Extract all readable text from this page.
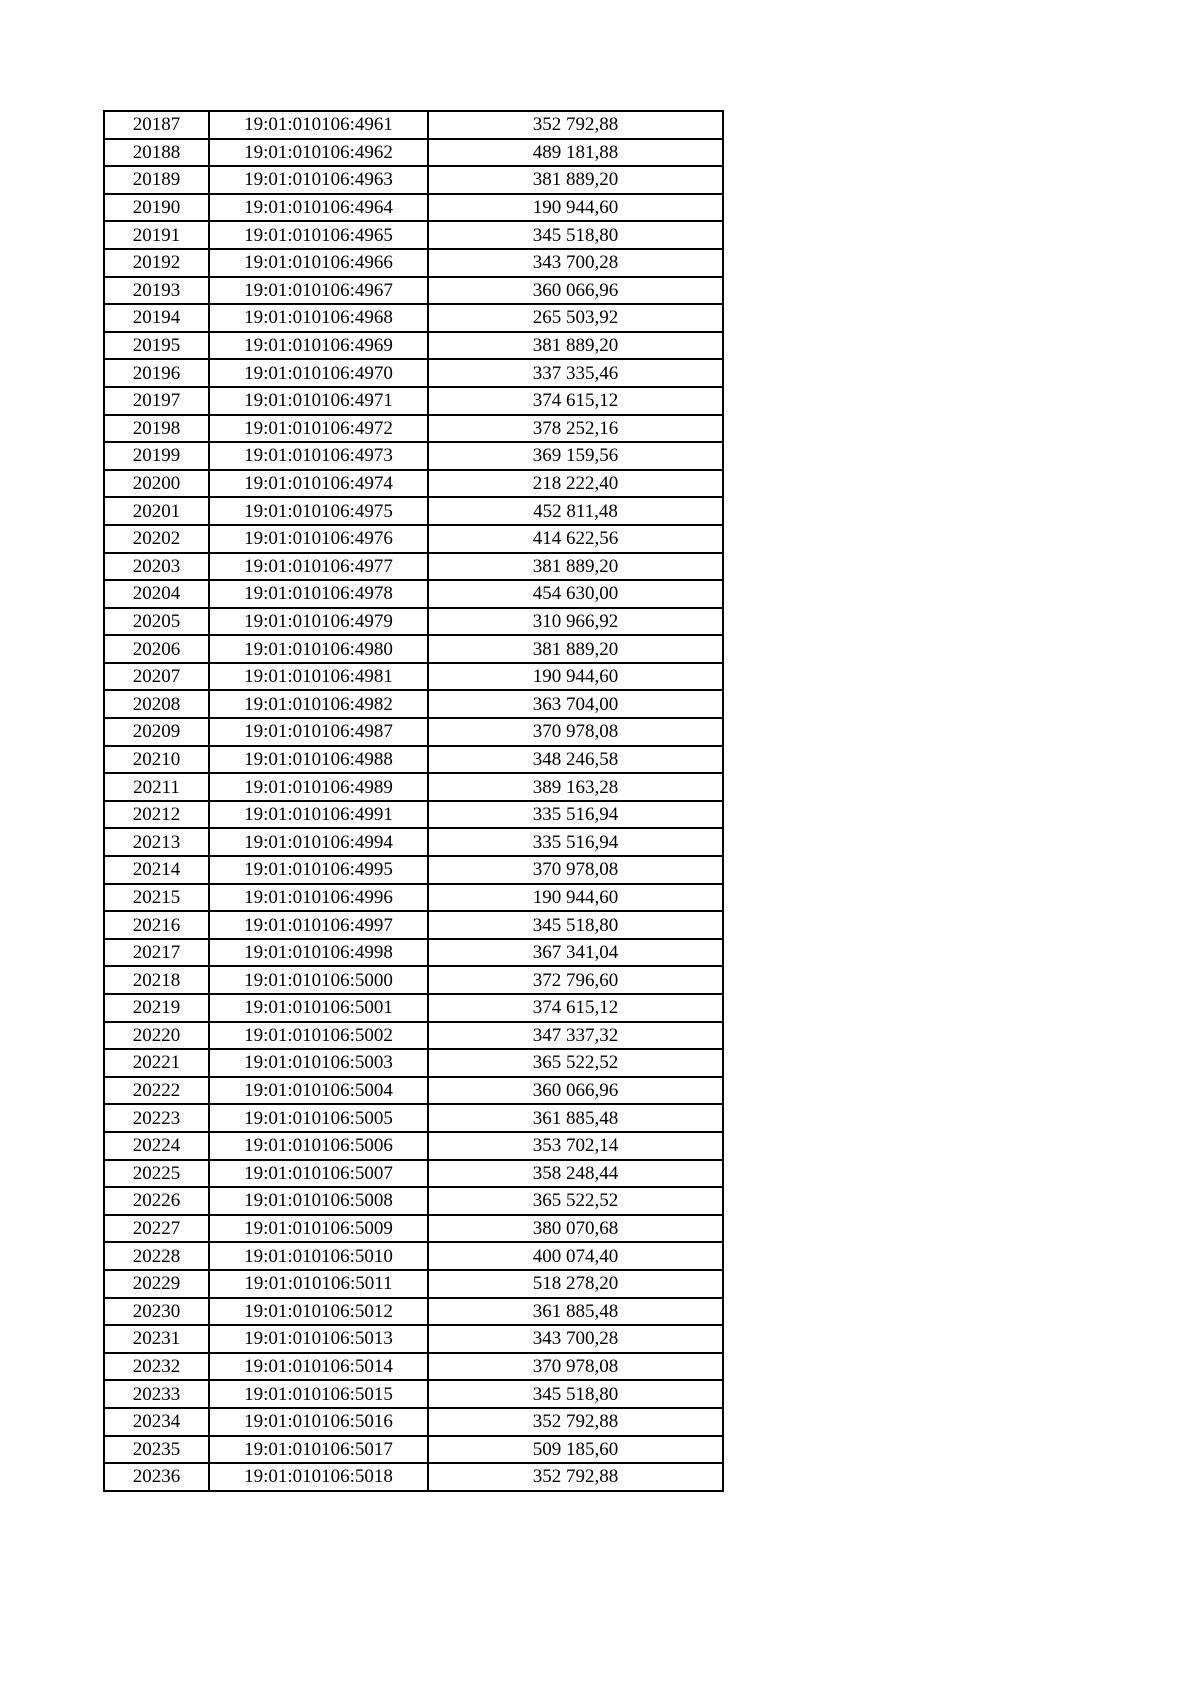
20187	19:01:010106:4961	352 792,88
20188	19:01:010106:4962	489 181,88
20189	19:01:010106:4963	381 889,20
20190	19:01:010106:4964	190 944,60
20191	19:01:010106:4965	345 518,80
20192	19:01:010106:4966	343 700,28
20193	19:01:010106:4967	360 066,96
20194	19:01:010106:4968	265 503,92
20195	19:01:010106:4969	381 889,20
20196	19:01:010106:4970	337 335,46
20197	19:01:010106:4971	374 615,12
20198	19:01:010106:4972	378 252,16
20199	19:01:010106:4973	369 159,56
20200	19:01:010106:4974	218 222,40
20201	19:01:010106:4975	452 811,48
20202	19:01:010106:4976	414 622,56
20203	19:01:010106:4977	381 889,20
20204	19:01:010106:4978	454 630,00
20205	19:01:010106:4979	310 966,92
20206	19:01:010106:4980	381 889,20
20207	19:01:010106:4981	190 944,60
20208	19:01:010106:4982	363 704,00
20209	19:01:010106:4987	370 978,08
20210	19:01:010106:4988	348 246,58
20211	19:01:010106:4989	389 163,28
20212	19:01:010106:4991	335 516,94
20213	19:01:010106:4994	335 516,94
20214	19:01:010106:4995	370 978,08
20215	19:01:010106:4996	190 944,60
20216	19:01:010106:4997	345 518,80
20217	19:01:010106:4998	367 341,04
20218	19:01:010106:5000	372 796,60
20219	19:01:010106:5001	374 615,12
20220	19:01:010106:5002	347 337,32
20221	19:01:010106:5003	365 522,52
20222	19:01:010106:5004	360 066,96
20223	19:01:010106:5005	361 885,48
20224	19:01:010106:5006	353 702,14
20225	19:01:010106:5007	358 248,44
20226	19:01:010106:5008	365 522,52
20227	19:01:010106:5009	380 070,68
20228	19:01:010106:5010	400 074,40
20229	19:01:010106:5011	518 278,20
20230	19:01:010106:5012	361 885,48
20231	19:01:010106:5013	343 700,28
20232	19:01:010106:5014	370 978,08
20233	19:01:010106:5015	345 518,80
20234	19:01:010106:5016	352 792,88
20235	19:01:010106:5017	509 185,60
20236	19:01:010106:5018	352 792,88
